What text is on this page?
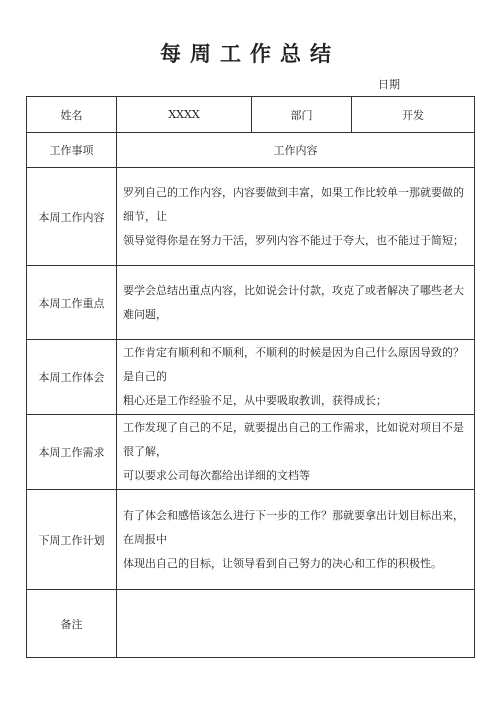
每周工作总结
日期
姓名	XXXX	部门	开发
工作事项	工作内容		
本周工作内容	罗列自己的工作内容，内容要做到丰富，如果工作比较单一那就要做的细节，让

领导觉得你是在努力干活，罗列内容不能过于夸大，也不能过于简短；		

本周工作重点	要学会总结出重点内容，比如说会计付款，攻克了或者解决了哪些老大难问题，		

本周工作体会	工作肯定有顺利和不顺利，不顺利的时候是因为自己什么原因导致的？是自己的

粗心还是工作经验不足，从中要吸取教训，获得成长；		

本周工作需求	工作发现了自己的不足，就要提出自己的工作需求，比如说对项目不是很了解，

可以要求公司每次都给出详细的文档等		

下周工作计划	有了体会和感悟该怎么进行下一步的工作？那就要拿出计划目标出来，在周报中

体现出自己的目标，让领导看到自己努力的决心和工作的积极性。		

备注			
